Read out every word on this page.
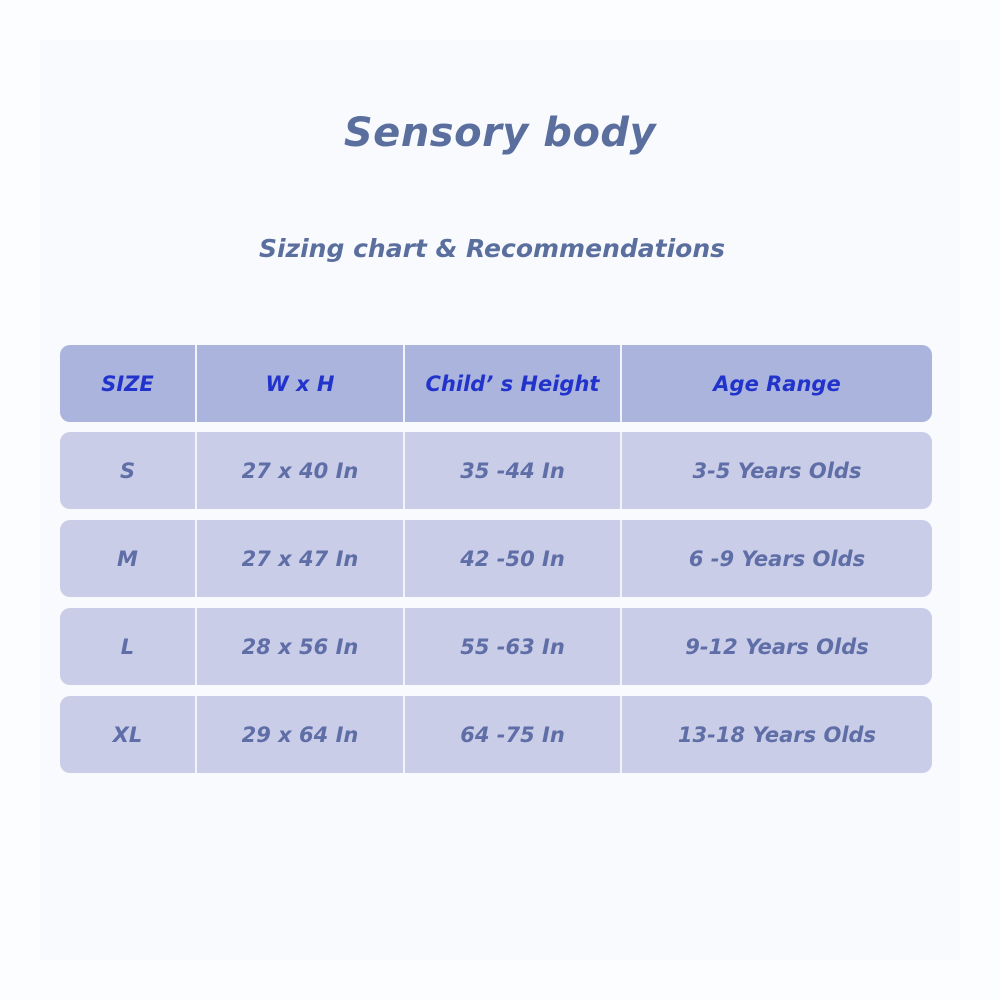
Sensory body
Sizing chart & Recommendations
SIZE	W x H	Child’ s Height	Age Range
S	27 x 40 In	35 -44 In	3-5 Years Olds
M	27 x 47 In	42 -50 In	6 -9 Years Olds
L	28 x 56 In	55 -63 In	9-12 Years Olds
XL	29 x 64 In	64 -75 In	13-18 Years Olds
